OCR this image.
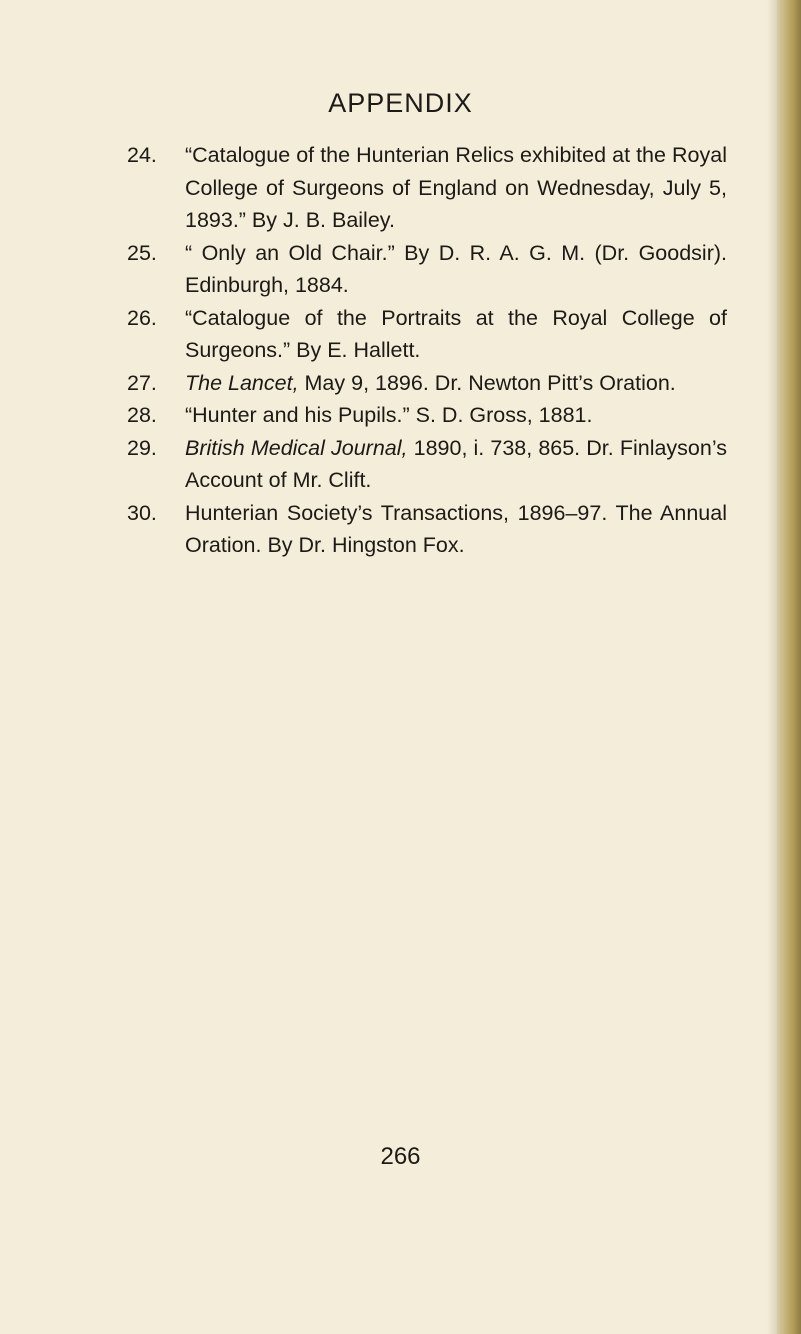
APPENDIX
24.	“Catalogue of the Hunterian Relics exhibited at the Royal College of Surgeons of England on Wednesday, July 5, 1893.” By J. B. Bailey.
25.	“ Only an Old Chair.” By D. R. A. G. M. (Dr. Goodsir). Edinburgh, 1884.
26.	“Catalogue of the Portraits at the Royal College of Surgeons.” By E. Hallett.
27.	The Lancet, May 9, 1896. Dr. Newton Pitt’s Oration.
28.	“Hunter and his Pupils.” S. D. Gross, 1881.
29.	British Medical Journal, 1890, i. 738, 865. Dr. Finlayson’s Account of Mr. Clift.
30.	Hunterian Society’s Transactions, 1896–97. The Annual Oration. By Dr. Hingston Fox.
266
